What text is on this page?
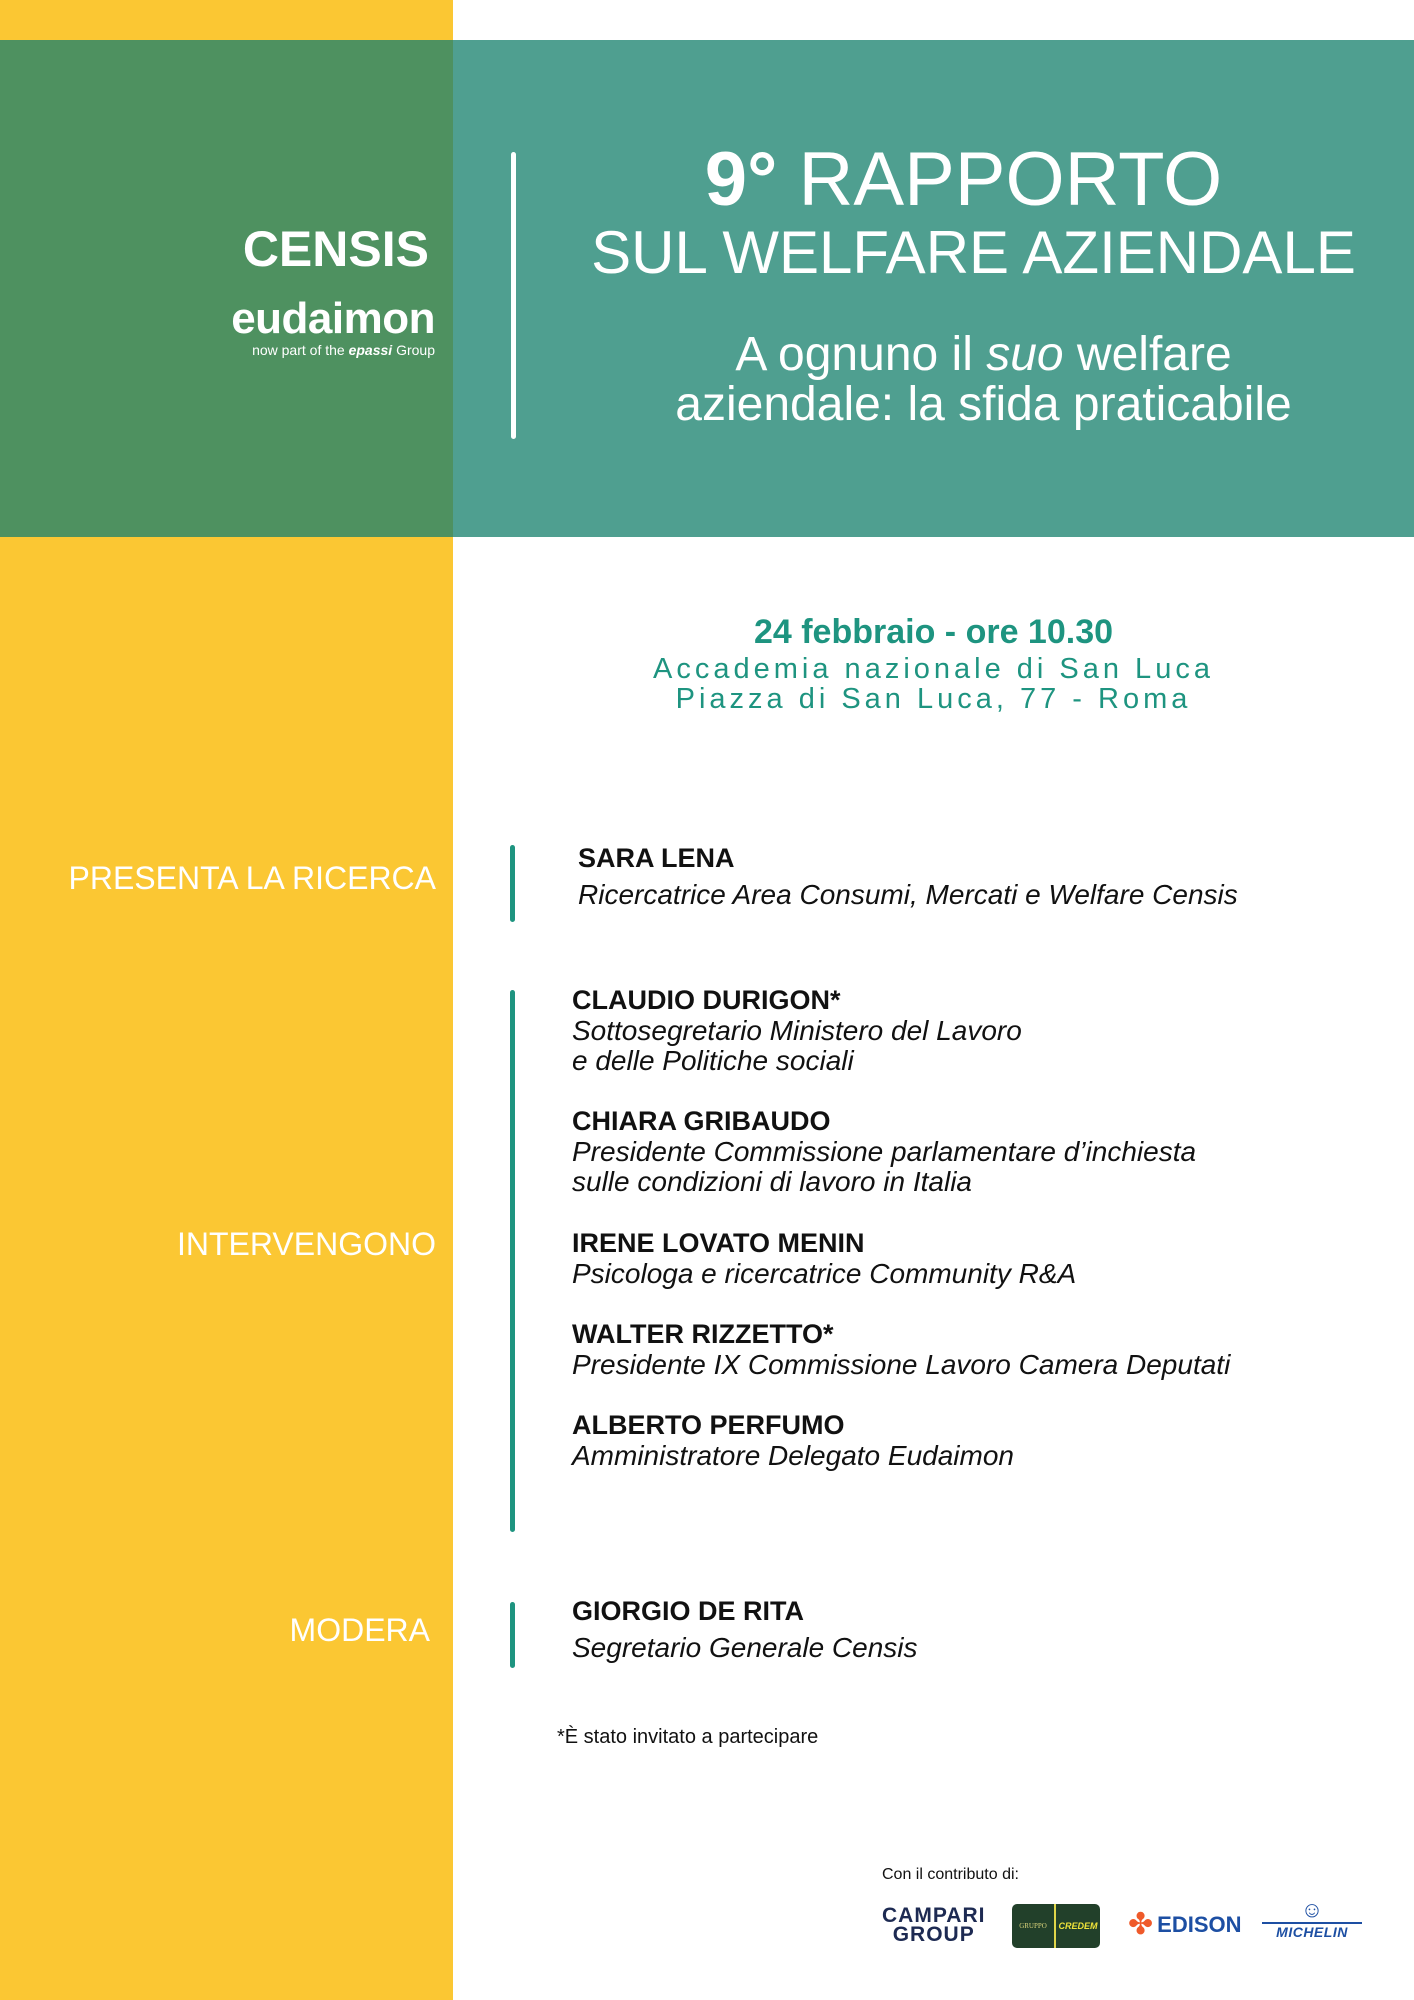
CENSIS
eudaimon
now part of the epassi Group
9° RAPPORTO
SUL WELFARE AZIENDALE
A ognuno il suo welfare
aziendale: la sfida praticabile
24 febbraio - ore 10.30
Accademia nazionale di San Luca
Piazza di San Luca, 77 - Roma
PRESENTA LA RICERCA
SARA LENA
Ricercatrice Area Consumi, Mercati e Welfare Censis
INTERVENGONO
CLAUDIO DURIGON*
Sottosegretario Ministero del Lavoro
e delle Politiche sociali
CHIARA GRIBAUDO
Presidente Commissione parlamentare d’inchiesta
sulle condizioni di lavoro in Italia
IRENE LOVATO MENIN
Psicologa e ricercatrice Community R&A
WALTER RIZZETTO*
Presidente IX Commissione Lavoro Camera Deputati
ALBERTO PERFUMO
Amministratore Delegato Eudaimon
MODERA
GIORGIO DE RITA
Segretario Generale Censis
*È stato invitato a partecipare
Con il contributo di:
CAMPARI
GROUP	GRUPPO	CREDEM ✤ EDISON
☺
MICHELIN
